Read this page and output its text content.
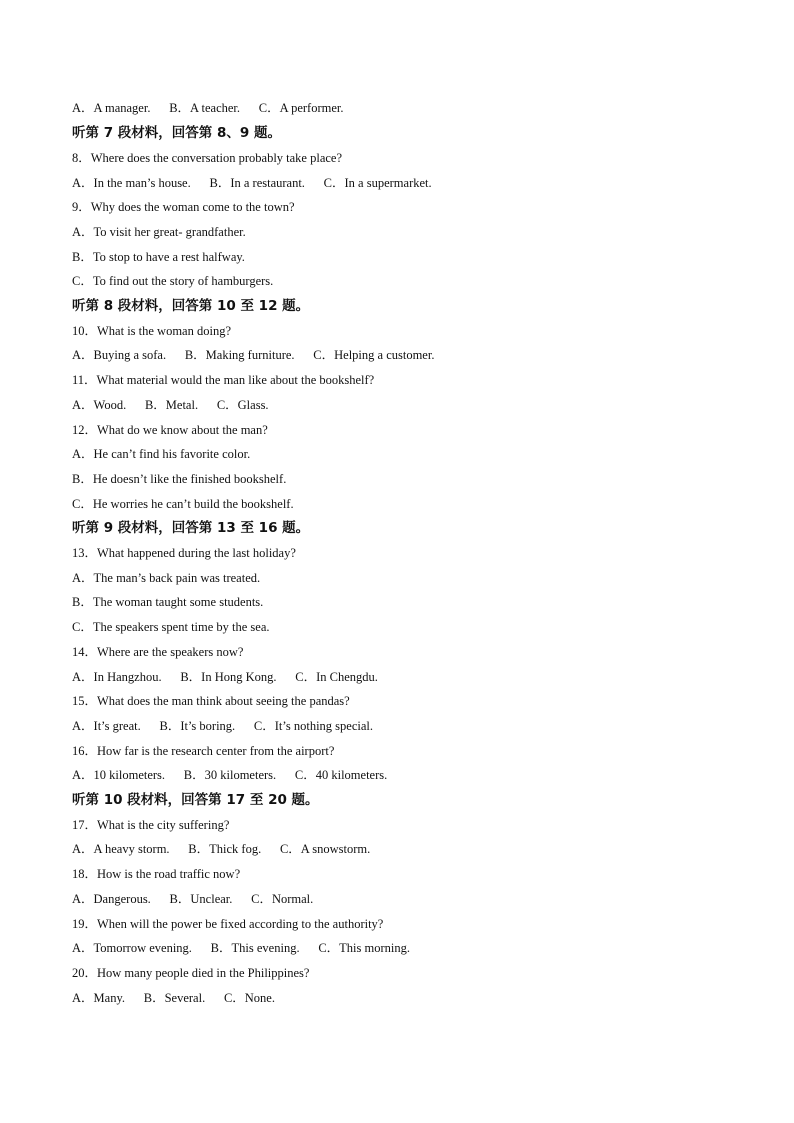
A．A manager.      B．A teacher.      C．A performer.
听第 7 段材料，回答第 8、9 题。
8．Where does the conversation probably take place?
A．In the man’s house.      B．In a restaurant.      C．In a supermarket.
9．Why does the woman come to the town?
A．To visit her great- grandfather.
B．To stop to have a rest halfway.
C．To find out the story of hamburgers.
听第 8 段材料，回答第 10 至 12 题。
10．What is the woman doing?
A．Buying a sofa.      B．Making furniture.      C．Helping a customer.
11．What material would the man like about the bookshelf?
A．Wood.      B．Metal.      C．Glass.
12．What do we know about the man?
A．He can’t find his favorite color.
B．He doesn’t like the finished bookshelf.
C．He worries he can’t build the bookshelf.
听第 9 段材料，回答第 13 至 16 题。
13．What happened during the last holiday?
A．The man’s back pain was treated.
B．The woman taught some students.
C．The speakers spent time by the sea.
14．Where are the speakers now?
A．In Hangzhou.      B．In Hong Kong.      C．In Chengdu.
15．What does the man think about seeing the pandas?
A．It’s great.      B．It’s boring.      C．It’s nothing special.
16．How far is the research center from the airport?
A．10 kilometers.      B．30 kilometers.      C．40 kilometers.
听第 10 段材料，回答第 17 至 20 题。
17．What is the city suffering?
A．A heavy storm.      B．Thick fog.      C．A snowstorm.
18．How is the road traffic now?
A．Dangerous.      B．Unclear.      C．Normal.
19．When will the power be fixed according to the authority?
A．Tomorrow evening.      B．This evening.      C．This morning.
20．How many people died in the Philippines?
A．Many.      B．Several.      C．None.
